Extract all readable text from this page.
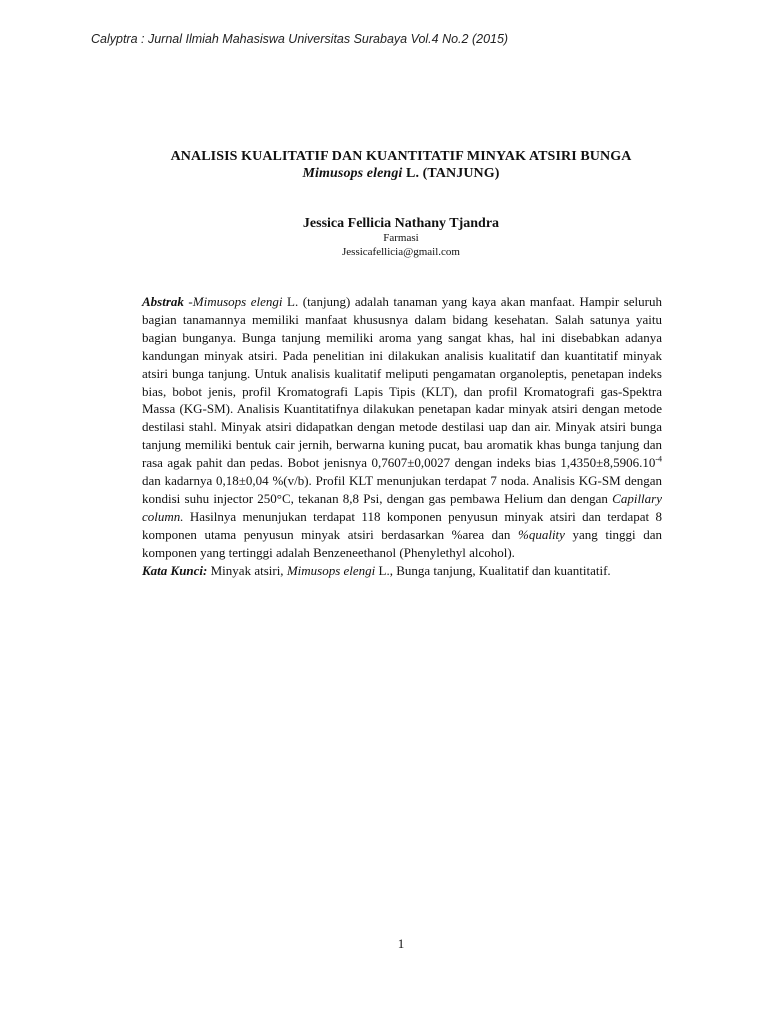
Calyptra : Jurnal Ilmiah Mahasiswa Universitas Surabaya Vol.4 No.2 (2015)
ANALISIS KUALITATIF DAN KUANTITATIF MINYAK ATSIRI BUNGA
Mimusops elengi L. (TANJUNG)
Jessica Fellicia Nathany Tjandra
Farmasi
Jessicafellicia@gmail.com

Abstrak -Mimusops elengi L. (tanjung) adalah tanaman yang kaya akan manfaat. Hampir seluruh bagian tanamannya memiliki manfaat khususnya dalam bidang kesehatan. Salah satunya yaitu bagian bunganya. Bunga tanjung memiliki aroma yang sangat khas, hal ini disebabkan adanya kandungan minyak atsiri. Pada penelitian ini dilakukan analisis kualitatif dan kuantitatif minyak atsiri bunga tanjung. Untuk analisis kualitatif meliputi pengamatan organoleptis, penetapan indeks bias, bobot jenis, profil Kromatografi Lapis Tipis (KLT), dan profil Kromatografi gas-Spektra Massa (KG-SM). Analisis Kuantitatifnya dilakukan penetapan kadar minyak atsiri dengan metode destilasi stahl. Minyak atsiri didapatkan dengan metode destilasi uap dan air. Minyak atsiri bunga tanjung memiliki bentuk cair jernih, berwarna kuning pucat, bau aromatik khas bunga tanjung dan rasa agak pahit dan pedas. Bobot jenisnya 0,7607±0,0027 dengan indeks bias $1,4350\pm 8,5906.10^{-4}$ dan kadarnya 0,18±0,04 %(v/b). Profil KLT menunjukan terdapat 7 noda. Analisis KG-SM dengan kondisi suhu injector 250°C, tekanan 8,8 Psi, dengan gas pembawa Helium dan dengan Capillary column. Hasilnya menunjukan terdapat 118 komponen penyusun minyak atsiri dan terdapat 8 komponen utama penyusun minyak atsiri berdasarkan %area dan %quality yang tinggi dan komponen yang tertinggi adalah Benzeneethanol (Phenylethyl alcohol).

Kata Kunci: Minyak atsiri, Mimusops elengi L., Bunga tanjung, Kualitatif dan kuantitatif.

1
